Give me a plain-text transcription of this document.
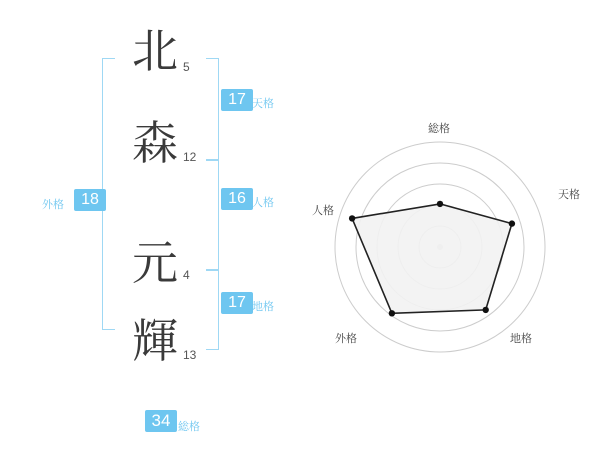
北 5
森 12
元 4
輝 13
外格	18
17 天格
16 人格
17 地格
34 総格
総格
天格
地格
外格
人格
